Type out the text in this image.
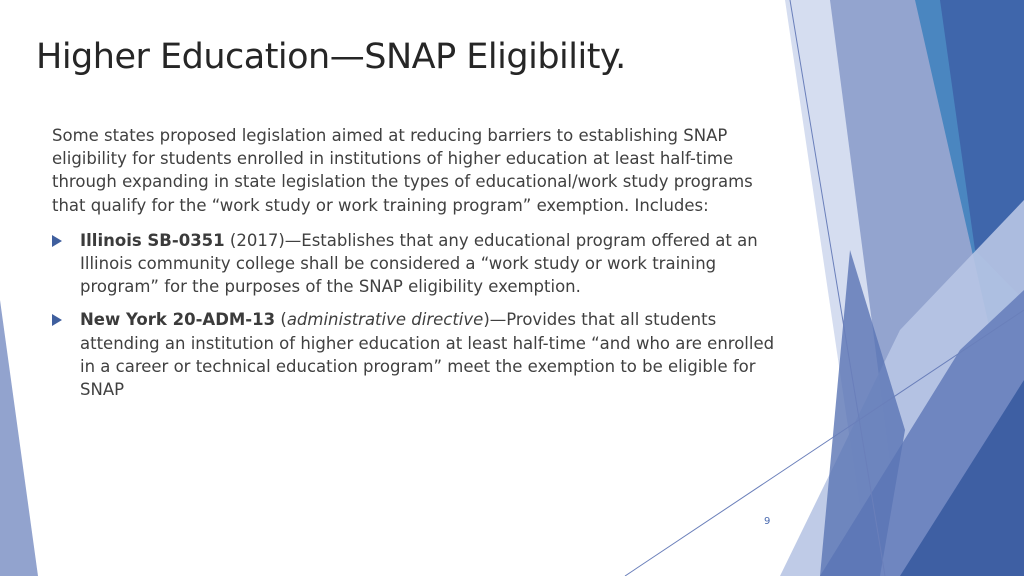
Higher Education—SNAP Eligibility.

Some states proposed legislation aimed at reducing barriers to establishing SNAP eligibility for students enrolled in institutions of higher education at least half-time through expanding in state legislation the types of educational/work study programs that qualify for the “work study or work training program” exemption. Includes:

Illinois SB-0351 (2017)—Establishes that any educational program offered at an Illinois community college shall be considered a “work study or work training program” for the purposes of the SNAP eligibility exemption.
New York 20-ADM-13 (administrative directive)—Provides that all students attending an institution of higher education at least half-time “and who are enrolled in a career or technical education program” meet the exemption to be eligible for SNAP
9
